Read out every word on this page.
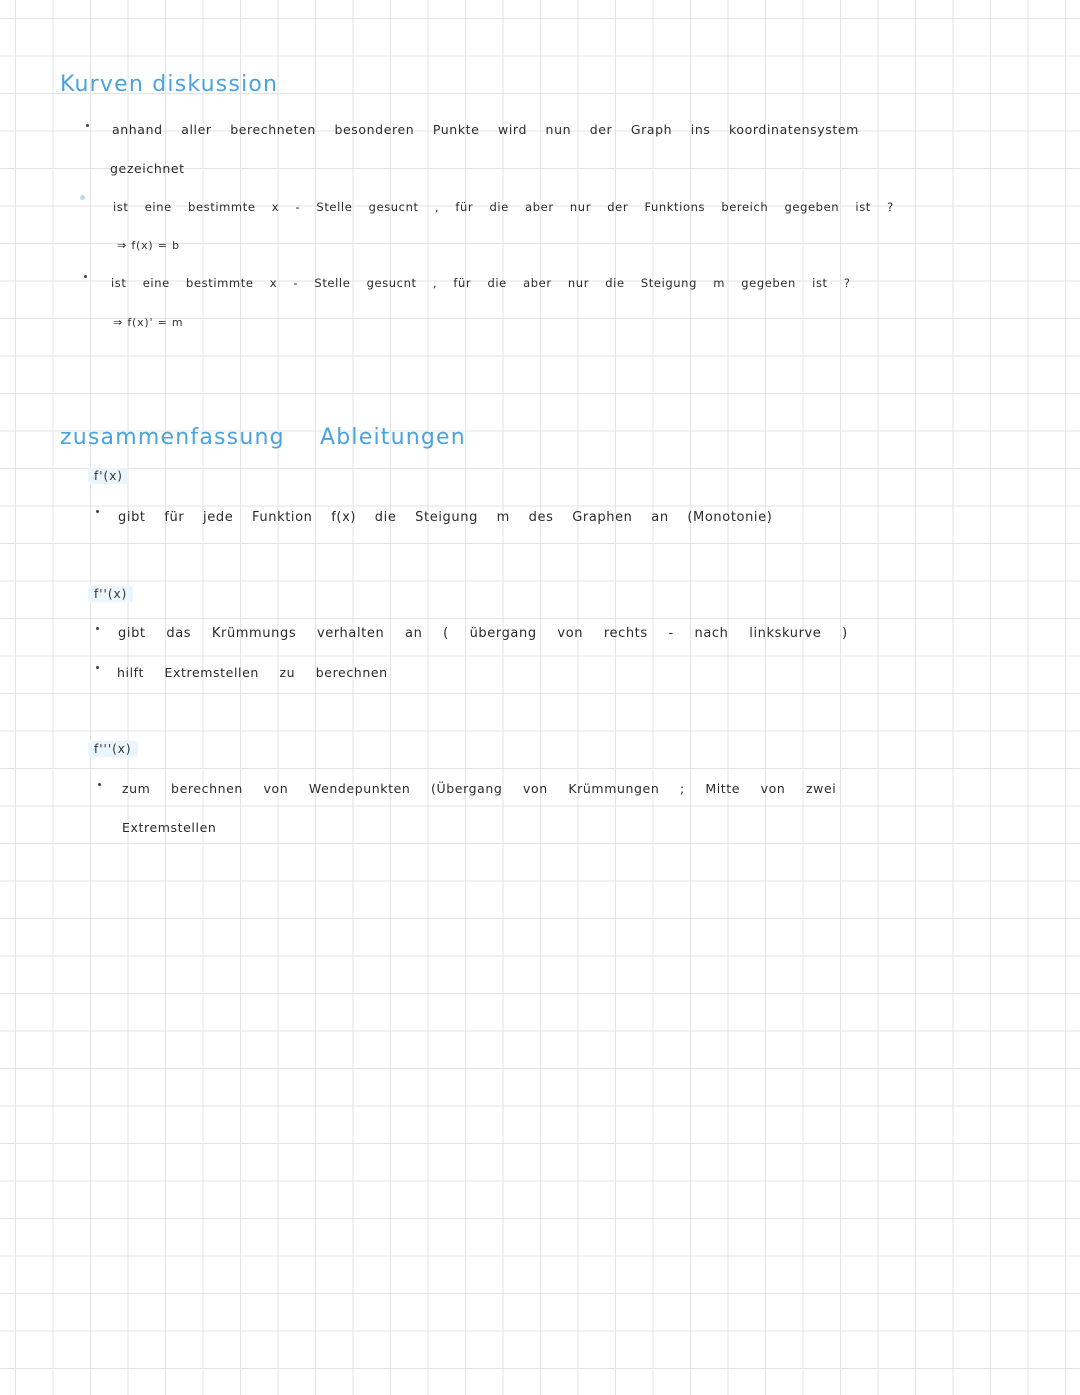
Kurven diskussion
anhand aller berechneten besonderen Punkte wird nun der Graph ins koordinatensystem
gezeichnet
ist eine bestimmte x - Stelle gesucnt , für die aber nur der Funktions bereich gegeben ist ?
⇒ f(x) = b
ist eine bestimmte x - Stelle gesucnt , für die aber nur die Steigung m gegeben ist ?
⇒ f(x)' = m
zusammenfassung Ableitungen
f'(x)
gibt für jede Funktion f(x) die Steigung m des Graphen an (Monotonie)
f''(x)
gibt das Krümmungs verhalten an ( übergang von rechts - nach linkskurve )
hilft Extremstellen zu berechnen
f'''(x)
zum berechnen von Wendepunkten (Übergang von Krümmungen ; Mitte von zwei
Extremstellen
